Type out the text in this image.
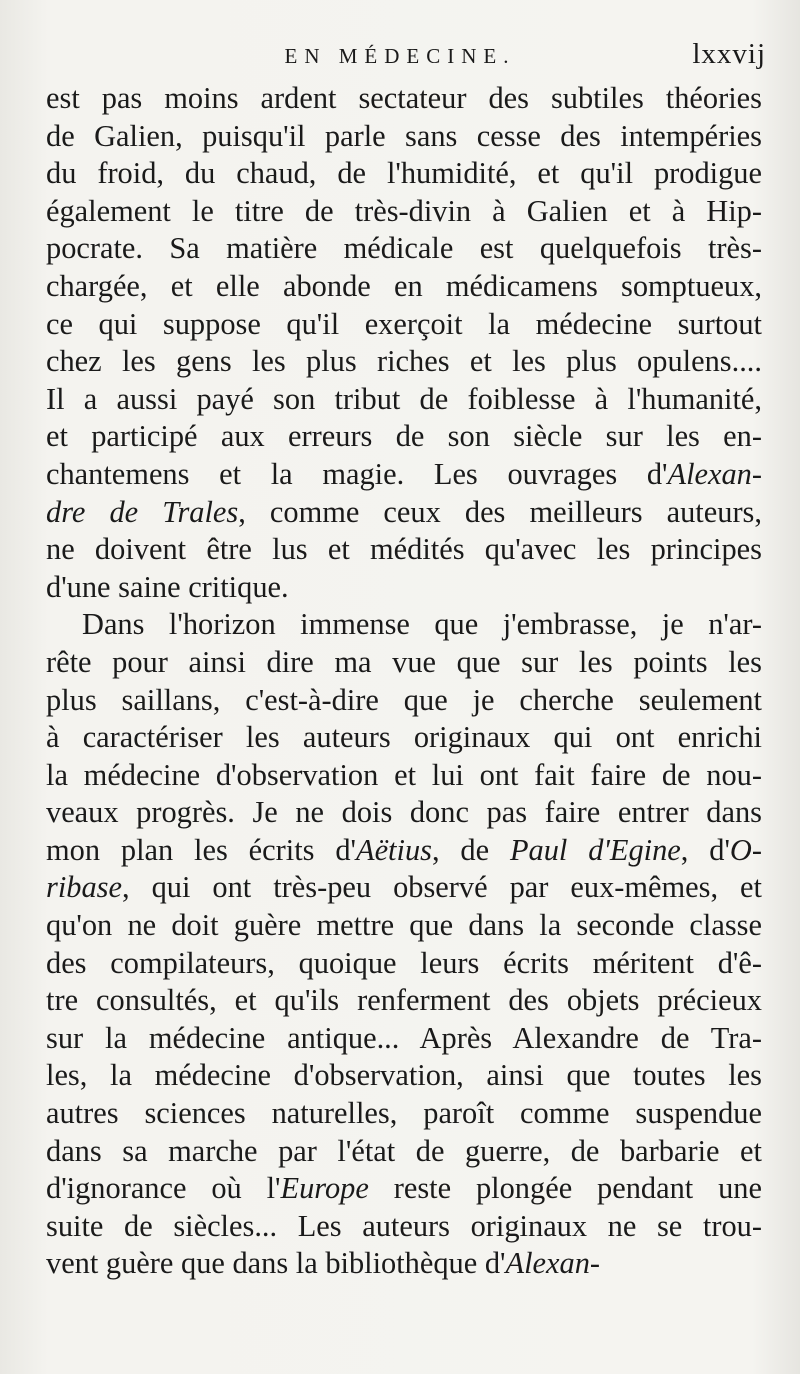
EN MÉDECINE.	lxxvij

est pas moins ardent sectateur des subtiles théories
de Galien, puisqu'il parle sans cesse des intempéries
du froid, du chaud, de l'humidité, et qu'il prodigue
également le titre de très-divin à Galien et à Hip-
pocrate. Sa matière médicale est quelquefois très-
chargée, et elle abonde en médicamens somptueux,
ce qui suppose qu'il exerçoit la médecine surtout
chez les gens les plus riches et les plus opulens....
Il a aussi payé son tribut de foiblesse à l'humanité,
et participé aux erreurs de son siècle sur les en-
chantemens et la magie. Les ouvrages d'Alexan-
dre de Trales, comme ceux des meilleurs auteurs,
ne doivent être lus et médités qu'avec les principes
d'une saine critique.

Dans l'horizon immense que j'embrasse, je n'ar-
rête pour ainsi dire ma vue que sur les points les
plus saillans, c'est-à-dire que je cherche seulement
à caractériser les auteurs originaux qui ont enrichi
la médecine d'observation et lui ont fait faire de nou-
veaux progrès. Je ne dois donc pas faire entrer dans
mon plan les écrits d'Aëtius, de Paul d'Egine, d'O-
ribase, qui ont très-peu observé par eux-mêmes, et
qu'on ne doit guère mettre que dans la seconde classe
des compilateurs, quoique leurs écrits méritent d'ê-
tre consultés, et qu'ils renferment des objets précieux
sur la médecine antique... Après Alexandre de Tra-
les, la médecine d'observation, ainsi que toutes les
autres sciences naturelles, paroît comme suspendue
dans sa marche par l'état de guerre, de barbarie et
d'ignorance où l'Europe reste plongée pendant une
suite de siècles... Les auteurs originaux ne se trou-
vent guère que dans la bibliothèque d'Alexan-
